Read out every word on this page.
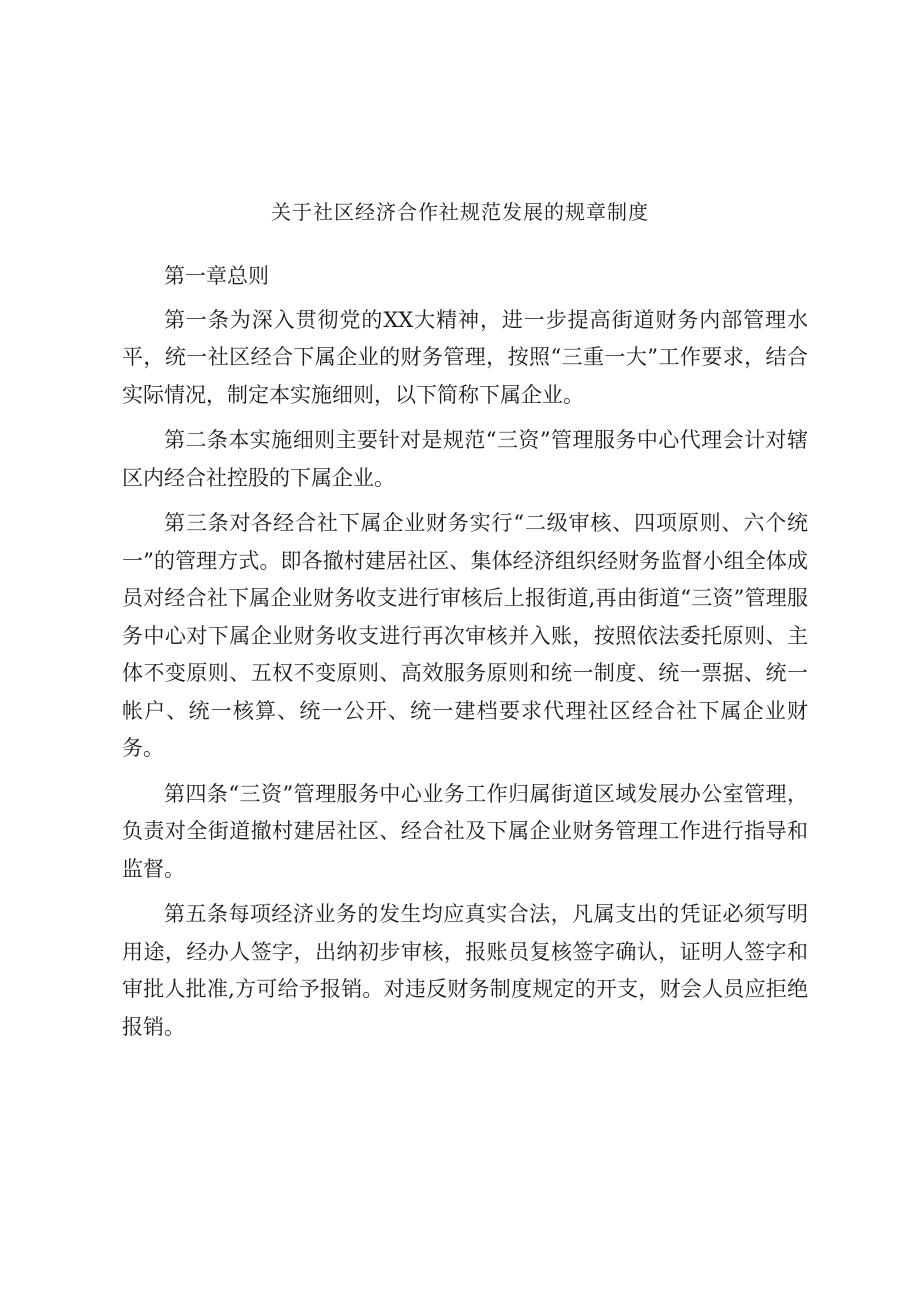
关于社区经济合作社规范发展的规章制度

第一章总则

第一条为深入贯彻党的XX大精神，进一步提高街道财务内部管理水平，统一社区经合下属企业的财务管理，按照“三重一大”工作要求，结合实际情况，制定本实施细则，以下简称下属企业。

第二条本实施细则主要针对是规范“三资”管理服务中心代理会计对辖区内经合社控股的下属企业。

第三条对各经合社下属企业财务实行“二级审核、四项原则、六个统一”的管理方式。即各撤村建居社区、集体经济组织经财务监督小组全体成员对经合社下属企业财务收支进行审核后上报街道,再由街道“三资”管理服务中心对下属企业财务收支进行再次审核并入账，按照依法委托原则、主体不变原则、五权不变原则、高效服务原则和统一制度、统一票据、统一帐户、统一核算、统一公开、统一建档要求代理社区经合社下属企业财务。

第四条“三资”管理服务中心业务工作归属街道区域发展办公室管理，负责对全街道撤村建居社区、经合社及下属企业财务管理工作进行指导和监督。

第五条每项经济业务的发生均应真实合法，凡属支出的凭证必须写明用途，经办人签字，出纳初步审核，报账员复核签字确认，证明人签字和审批人批准,方可给予报销。对违反财务制度规定的开支，财会人员应拒绝报销。
